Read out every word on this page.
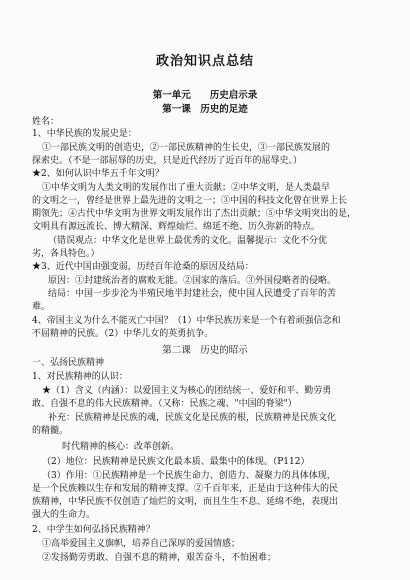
政治知识点总结
第一单元　　历史启示录
第一课　历史的足迹
姓名：
1、中华民族的发展史是：
①一部民族文明的创造史，②一部民族精神的生长史，③一部民族发展的
探索史。（不是一部屈辱的历史，只是近代经历了近百年的屈辱史。）
★2、如何认识中华五千年文明？
①中华文明为人类文明的发展作出了重大贡献；②中华文明，是人类最早
的文明之一，曾经是世界上最先进的文明之一；③中国的科技文化曾在世界上长
期领先；④古代中华文明为世界文明发展作出了杰出贡献；⑤中华文明突出的是，
文明具有源远流长、博大精深、辉煌灿烂、绵延不绝、历久弥新的特点。
（错误观点：中华文化是世界上最优秀的文化。温馨提示：文化不分优
劣，各具特色。）
★3、近代中国由强变弱，历经百年沧桑的原因及结局：
原因：①封建统治者的腐败无能。②国家的落后。③外国侵略者的侵略。
结局：中国一步步沦为半殖民地半封建社会，使中国人民遭受了百年的苦
难。
4、帝国主义为什么不能灭亡中国？（1）中华民族历来是一个有着顽强信念和
不屈精神的民族。（2）中华儿女的英勇抗争。
第二课　历史的昭示
一、弘扬民族精神
1、对民族精神的认识：
★（1）含义（内涵）：以爱国主义为核心的团结统一、爱好和平、勤劳勇
敢、自强不息的伟大民族精神。（又称：民族之魂、"中国的脊梁"）
补充：民族精神是民族的魂，民族文化是民族的根，民族精神是民族文化
的精髓。
时代精神的核心：改革创新。
（2）地位：民族精神是民族文化最本质、最集中的体现。（P112）
（3）作用：①民族精神是一个民族生命力、创造力、凝聚力的具体体现，
是一个民族赖以生存和发展的精神支撑。②千百年来，正是由于这种伟大的民
族精神，中华民族不仅创造了灿烂的文明，而且生生不息、延绵不绝，表现出
强大的生命力。
2、中学生如何弘扬民族精神？
①高举爱国主义旗帜，培养自己深厚的爱国情感；
②发扬勤劳勇敢、自强不息的精神，艰苦奋斗，不怕困难；
